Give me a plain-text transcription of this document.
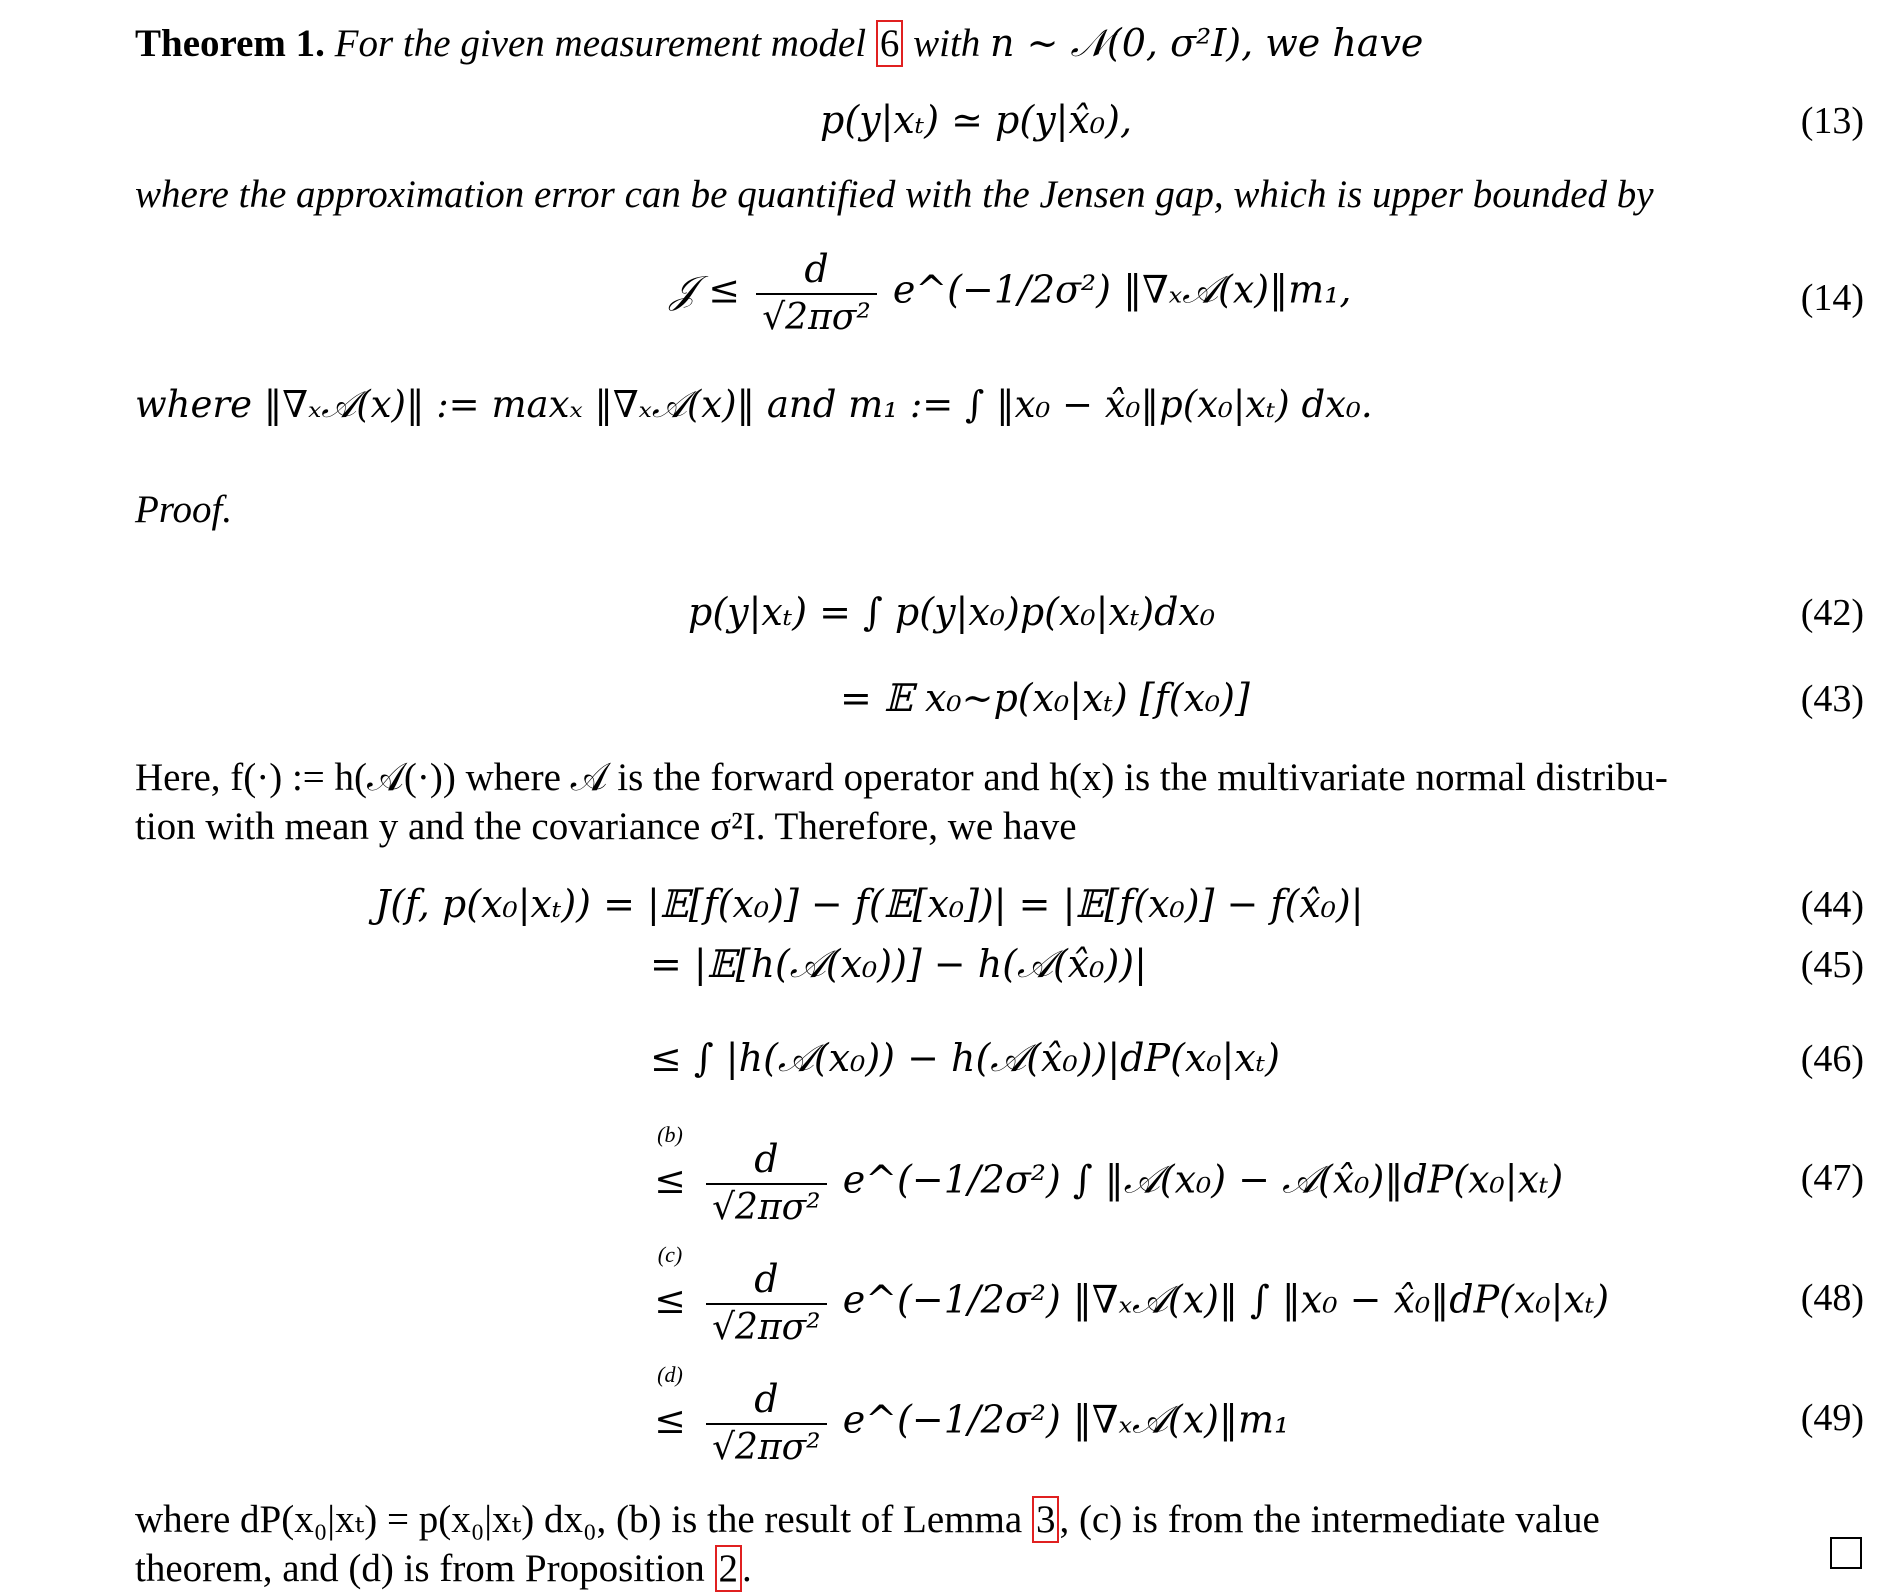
Theorem 1. For the given measurement model 6 with n ∼ 𝒩(0, σ²I), we have
p(y|xₜ) ≃ p(y|x̂₀),	(13)
where the approximation error can be quantified with the Jensen gap, which is upper bounded by
𝒥 ≤ $\frac{d}{\text{√2πσ²}}$ e^(−1/2σ²) ‖∇ₓ𝒜(x)‖m₁,	(14)
where ‖∇ₓ𝒜(x)‖ := maxₓ ‖∇ₓ𝒜(x)‖ and m₁ := ∫ ‖x₀ − x̂₀‖p(x₀|xₜ) dx₀.
Proof.
p(y|xₜ) = ∫ p(y|x₀)p(x₀|xₜ)dx₀	(42)
= 𝔼 x₀∼p(x₀|xₜ) [f(x₀)]	(43)
Here, f(·) := h(𝒜(·)) where 𝒜 is the forward operator and h(x) is the multivariate normal distribu-
tion with mean y and the covariance σ²I. Therefore, we have
J(f, p(x₀|xₜ)) = |𝔼[f(x₀)] − f(𝔼[x₀])| = |𝔼[f(x₀)] − f(x̂₀)|	(44)
= |𝔼[h(𝒜(x₀))] − h(𝒜(x̂₀))|	(45)
≤ ∫ |h(𝒜(x₀)) − h(𝒜(x̂₀))|dP(x₀|xₜ)	(46)
(b)
≤ $\frac{d}{\text{√2πσ²}}$ e^(−1/2σ²) ∫ ‖𝒜(x₀) − 𝒜(x̂₀)‖dP(x₀|xₜ)	(47)
(c)
≤ $\frac{d}{\text{√2πσ²}}$ e^(−1/2σ²) ‖∇ₓ𝒜(x)‖ ∫ ‖x₀ − x̂₀‖dP(x₀|xₜ)	(48)
(d)
≤ $\frac{d}{\text{√2πσ²}}$ e^(−1/2σ²) ‖∇ₓ𝒜(x)‖m₁	(49)
where dP(x₀|xₜ) = p(x₀|xₜ) dx₀, (b) is the result of Lemma 3 , (c) is from the intermediate value
theorem, and (d) is from Proposition 2 .
